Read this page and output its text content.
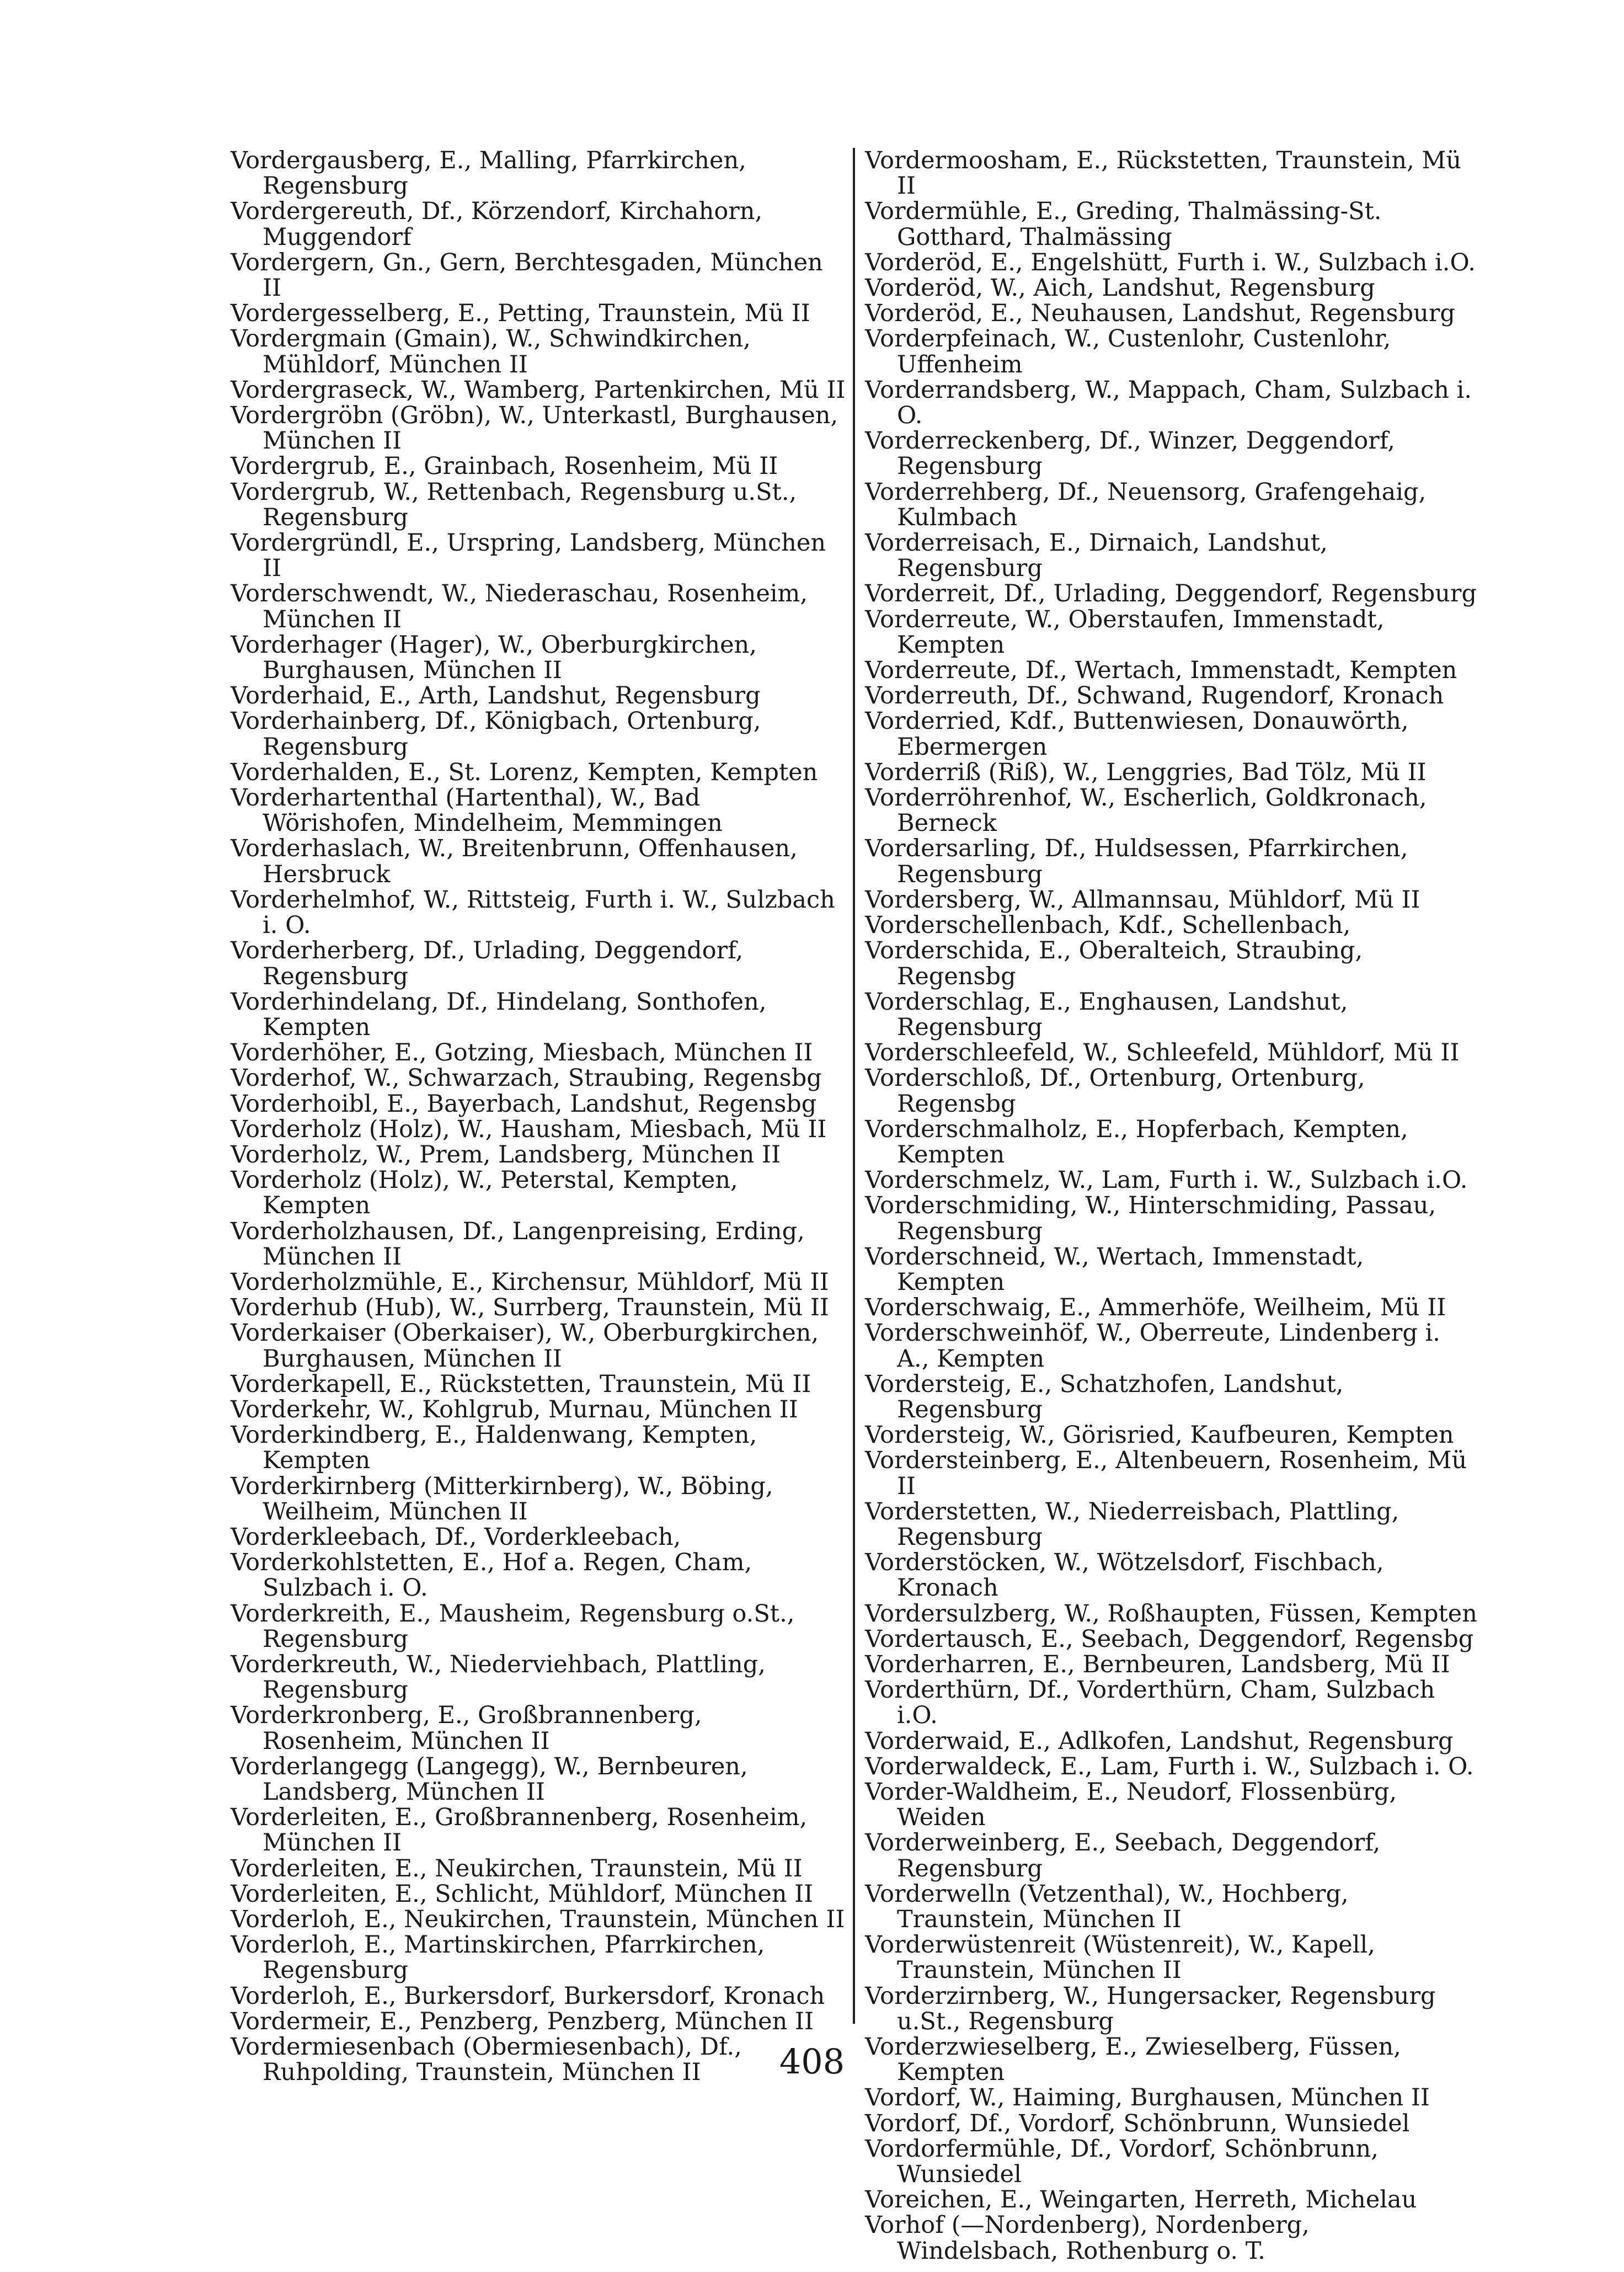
Vordergausberg, E., Malling, Pfarrkirchen, Regensburg
Vordergereuth, Df., Körzendorf, Kirchahorn, Muggendorf
Vordergern, Gn., Gern, Berchtesgaden, München II
Vordergesselberg, E., Petting, Traunstein, Mü II
Vordergmain (Gmain), W., Schwindkirchen, Mühldorf, München II
Vordergraseck, W., Wamberg, Partenkirchen, Mü II
Vordergröbn (Gröbn), W., Unterkastl, Burghausen, München II
Vordergrub, E., Grainbach, Rosenheim, Mü II
Vordergrub, W., Rettenbach, Regensburg u.St., Regensburg
Vordergründl, E., Urspring, Landsberg, München II
Vorderschwendt, W., Niederaschau, Rosenheim, München II
Vorderhager (Hager), W., Oberburgkirchen, Burghausen, München II
Vorderhaid, E., Arth, Landshut, Regensburg
Vorderhainberg, Df., Königbach, Ortenburg, Regensburg
Vorderhalden, E., St. Lorenz, Kempten, Kempten
Vorderhartenthal (Hartenthal), W., Bad Wörishofen, Mindelheim, Memmingen
Vorderhaslach, W., Breitenbrunn, Offenhausen, Hersbruck
Vorderhelmhof, W., Rittsteig, Furth i. W., Sulzbach i. O.
Vorderherberg, Df., Urlading, Deggendorf, Regensburg
Vorderhindelang, Df., Hindelang, Sonthofen, Kempten
Vorderhöher, E., Gotzing, Miesbach, München II
Vorderhof, W., Schwarzach, Straubing, Regensbg
Vorderhoibl, E., Bayerbach, Landshut, Regensbg
Vorderholz (Holz), W., Hausham, Miesbach, Mü II
Vorderholz, W., Prem, Landsberg, München II
Vorderholz (Holz), W., Peterstal, Kempten, Kempten
Vorderholzhausen, Df., Langenpreising, Erding, München II
Vorderholzmühle, E., Kirchensur, Mühldorf, Mü II
Vorderhub (Hub), W., Surrberg, Traunstein, Mü II
Vorderkaiser (Oberkaiser), W., Oberburgkirchen, Burghausen, München II
Vorderkapell, E., Rückstetten, Traunstein, Mü II
Vorderkehr, W., Kohlgrub, Murnau, München II
Vorderkindberg, E., Haldenwang, Kempten, Kempten
Vorderkirnberg (Mitterkirnberg), W., Böbing, Weilheim, München II
Vorderkleebach, Df., Vorderkleebach,
Vorderkohlstetten, E., Hof a. Regen, Cham, Sulzbach i. O.
Vorderkreith, E., Mausheim, Regensburg o.St., Regensburg
Vorderkreuth, W., Niederviehbach, Plattling, Regensburg
Vorderkronberg, E., Großbrannenberg, Rosenheim, München II
Vorderlangegg (Langegg), W., Bernbeuren, Landsberg, München II
Vorderleiten, E., Großbrannenberg, Rosenheim, München II
Vorderleiten, E., Neukirchen, Traunstein, Mü II
Vorderleiten, E., Schlicht, Mühldorf, München II
Vorderloh, E., Neukirchen, Traunstein, München II
Vorderloh, E., Martinskirchen, Pfarrkirchen, Regensburg
Vorderloh, E., Burkersdorf, Burkersdorf, Kronach
Vordermeir, E., Penzberg, Penzberg, München II
Vordermiesenbach (Obermiesenbach), Df., Ruhpolding, Traunstein, München II
Vordermoosham, E., Rückstetten, Traunstein, Mü II
Vordermühle, E., Greding, Thalmässing-St. Gotthard, Thalmässing
Vorderöd, E., Engelshütt, Furth i. W., Sulzbach i.O.
Vorderöd, W., Aich, Landshut, Regensburg
Vorderöd, E., Neuhausen, Landshut, Regensburg
Vorderpfeinach, W., Custenlohr, Custenlohr, Uffenheim
Vorderrandsberg, W., Mappach, Cham, Sulzbach i. O.
Vorderreckenberg, Df., Winzer, Deggendorf, Regensburg
Vorderrehberg, Df., Neuensorg, Grafengehaig, Kulmbach
Vorderreisach, E., Dirnaich, Landshut, Regensburg
Vorderreit, Df., Urlading, Deggendorf, Regensburg
Vorderreute, W., Oberstaufen, Immenstadt, Kempten
Vorderreute, Df., Wertach, Immenstadt, Kempten
Vorderreuth, Df., Schwand, Rugendorf, Kronach
Vorderried, Kdf., Buttenwiesen, Donauwörth, Ebermergen
Vorderriß (Riß), W., Lenggries, Bad Tölz, Mü II
Vorderröhrenhof, W., Escherlich, Goldkronach, Berneck
Vordersarling, Df., Huldsessen, Pfarrkirchen, Regensburg
Vordersberg, W., Allmannsau, Mühldorf, Mü II
Vorderschellenbach, Kdf., Schellenbach,
Vorderschida, E., Oberalteich, Straubing, Regensbg
Vorderschlag, E., Enghausen, Landshut, Regensburg
Vorderschleefeld, W., Schleefeld, Mühldorf, Mü II
Vorderschloß, Df., Ortenburg, Ortenburg, Regensbg
Vorderschmalholz, E., Hopferbach, Kempten, Kempten
Vorderschmelz, W., Lam, Furth i. W., Sulzbach i.O.
Vorderschmiding, W., Hinterschmiding, Passau, Regensburg
Vorderschneid, W., Wertach, Immenstadt, Kempten
Vorderschwaig, E., Ammerhöfe, Weilheim, Mü II
Vorderschweinhöf, W., Oberreute, Lindenberg i. A., Kempten
Vordersteig, E., Schatzhofen, Landshut, Regensburg
Vordersteig, W., Görisried, Kaufbeuren, Kempten
Vordersteinberg, E., Altenbeuern, Rosenheim, Mü II
Vorderstetten, W., Niederreisbach, Plattling, Regensburg
Vorderstöcken, W., Wötzelsdorf, Fischbach, Kronach
Vordersulzberg, W., Roßhaupten, Füssen, Kempten
Vordertausch, E., Seebach, Deggendorf, Regensbg
Vorderharren, E., Bernbeuren, Landsberg, Mü II
Vorderthürn, Df., Vorderthürn, Cham, Sulzbach i.O.
Vorderwaid, E., Adlkofen, Landshut, Regensburg
Vorderwaldeck, E., Lam, Furth i. W., Sulzbach i. O.
Vorder-Waldheim, E., Neudorf, Flossenbürg, Weiden
Vorderweinberg, E., Seebach, Deggendorf, Regensburg
Vorderwelln (Vetzenthal), W., Hochberg, Traunstein, München II
Vorderwüstenreit (Wüstenreit), W., Kapell, Traunstein, München II
Vorderzirnberg, W., Hungersacker, Regensburg u.St., Regensburg
Vorderzwieselberg, E., Zwieselberg, Füssen, Kempten
Vordorf, W., Haiming, Burghausen, München II
Vordorf, Df., Vordorf, Schönbrunn, Wunsiedel
Vordorfermühle, Df., Vordorf, Schönbrunn, Wunsiedel
Voreichen, E., Weingarten, Herreth, Michelau
Vorhof (—Nordenberg), Nordenberg, Windelsbach, Rothenburg o. T.
408
